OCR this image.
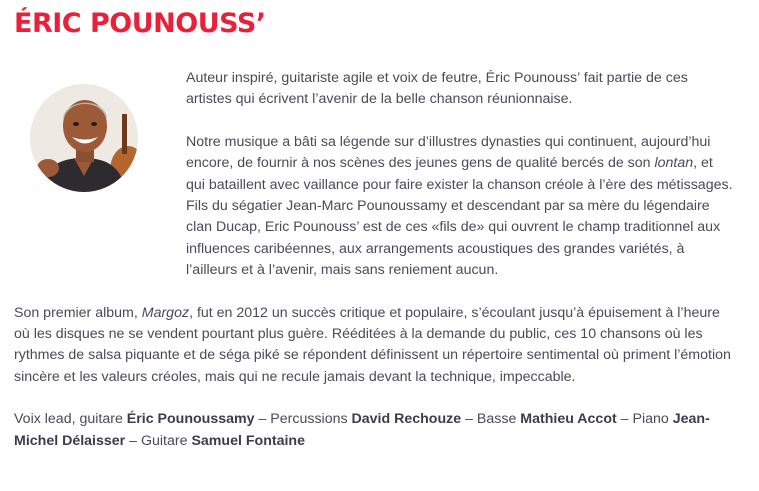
ÉRIC POUNOUSS’

Auteur inspiré, guitariste agile et voix de feutre, Éric Pounouss’ fait partie de ces artistes qui écrivent l’avenir de la belle chanson réunionnaise.

Notre musique a bâti sa légende sur d’illustres dynasties qui continuent, aujourd’hui encore, de fournir à nos scènes des jeunes gens de qualité bercés de son lontan, et qui bataillent avec vaillance pour faire exister la chanson créole à l’ère des métissages. Fils du ségatier Jean-Marc Pounoussamy et descendant par sa mère du légendaire clan Ducap, Eric Pounouss’ est de ces «fils de» qui ouvrent le champ traditionnel aux influences caribéennes, aux arrangements acoustiques des grandes variétés, à l’ailleurs et à l’avenir, mais sans reniement aucun.

Son premier album, Margoz, fut en 2012 un succès critique et populaire, s’écoulant jusqu’à épuisement à l’heure où les disques ne se vendent pourtant plus guère. Rééditées à la demande du public, ces 10 chansons où les rythmes de salsa piquante et de séga piké se répondent définissent un répertoire sentimental où priment l’émotion sincère et les valeurs créoles, mais qui ne recule jamais devant la technique, impeccable.

Voix lead, guitare Éric Pounoussamy – Percussions David Rechouze – Basse Mathieu Accot – Piano Jean-Michel Délaisser – Guitare Samuel Fontaine
